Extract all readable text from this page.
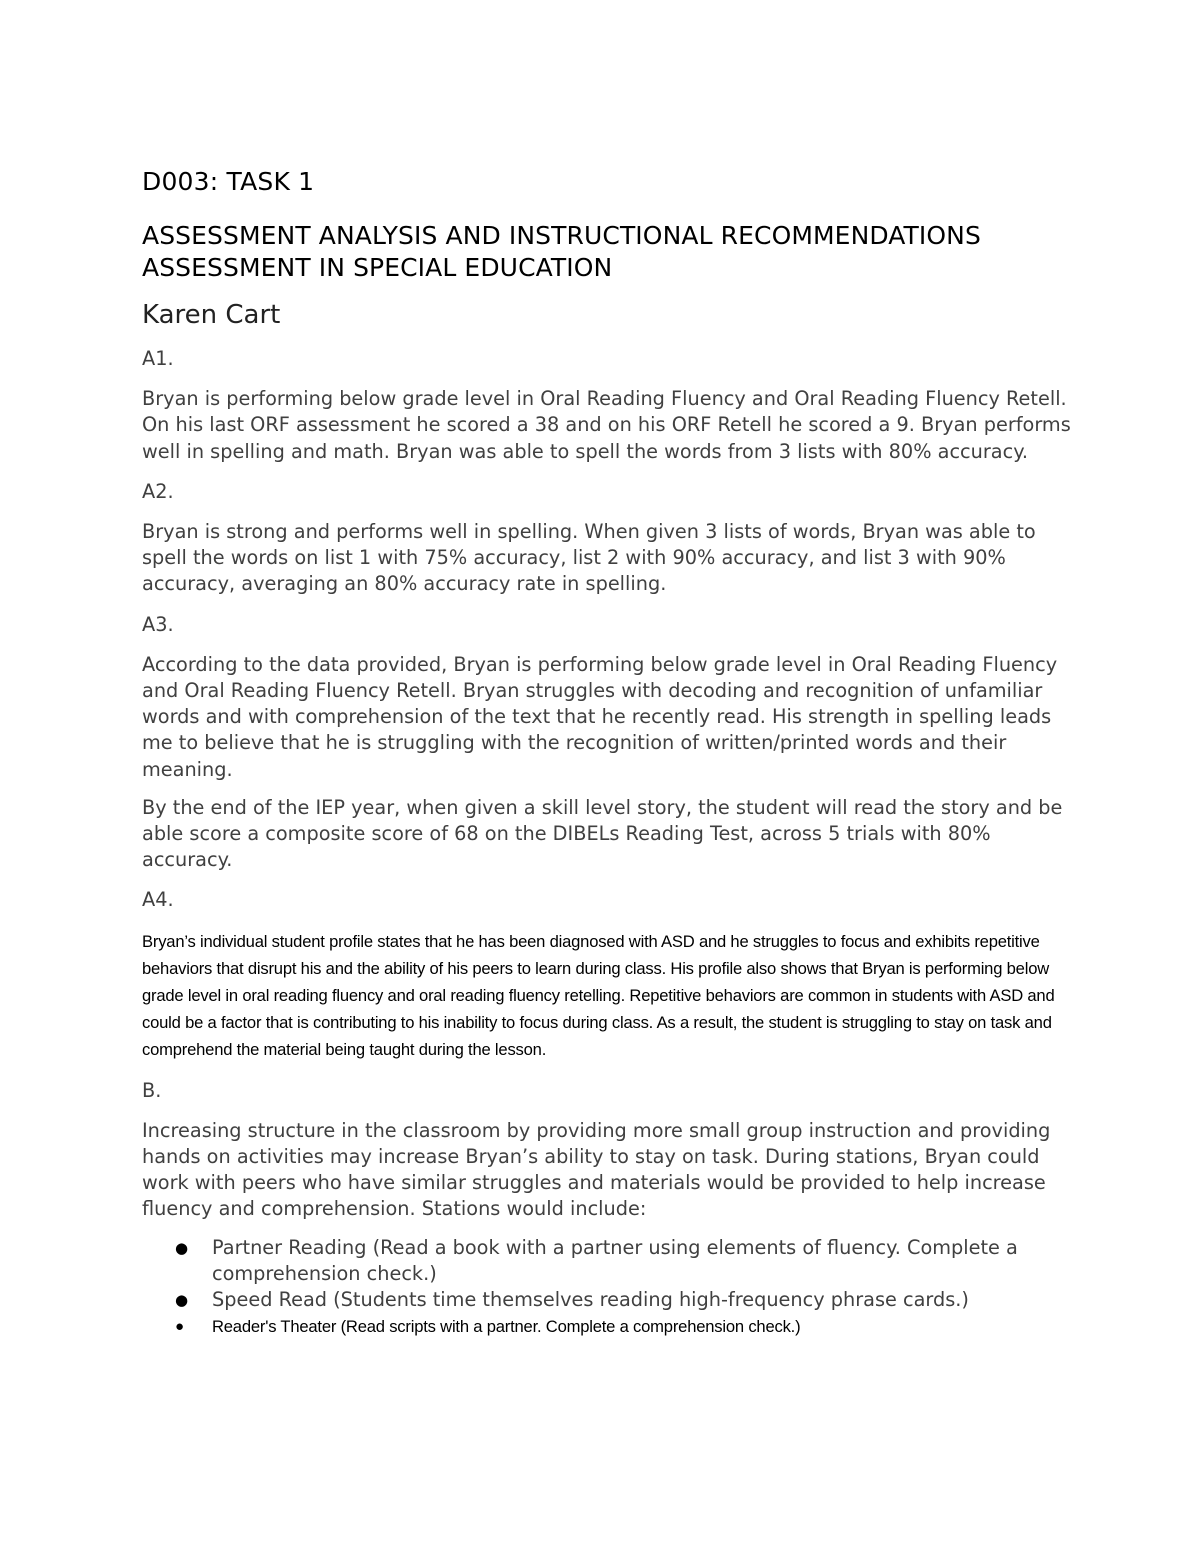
D003: TASK 1
ASSESSMENT ANALYSIS AND INSTRUCTIONAL RECOMMENDATIONS
ASSESSMENT IN SPECIAL EDUCATION
Karen Cart

A1.

Bryan is performing below grade level in Oral Reading Fluency and Oral Reading Fluency Retell. On his last ORF assessment he scored a 38 and on his ORF Retell he scored a 9. Bryan performs well in spelling and math. Bryan was able to spell the words from 3 lists with 80% accuracy.

A2.

Bryan is strong and performs well in spelling. When given 3 lists of words, Bryan was able to spell the words on list 1 with 75% accuracy, list 2 with 90% accuracy, and list 3 with 90% accuracy, averaging an 80% accuracy rate in spelling.

A3.

According to the data provided, Bryan is performing below grade level in Oral Reading Fluency and Oral Reading Fluency Retell. Bryan struggles with decoding and recognition of unfamiliar words and with comprehension of the text that he recently read. His strength in spelling leads me to believe that he is struggling with the recognition of written/printed words and their meaning.

By the end of the IEP year, when given a skill level story, the student will read the story and be able score a composite score of 68 on the DIBELs Reading Test, across 5 trials with 80% accuracy.

A4.

Bryan’s individual student profile states that he has been diagnosed with ASD and he struggles to focus and exhibits repetitive behaviors that disrupt his and the ability of his peers to learn during class. His profile also shows that Bryan is performing below grade level in oral reading fluency and oral reading fluency retelling. Repetitive behaviors are common in students with ASD and could be a factor that is contributing to his inability to focus during class. As a result, the student is struggling to stay on task and comprehend the material being taught during the lesson.

B.

Increasing structure in the classroom by providing more small group instruction and providing hands on activities may increase Bryan’s ability to stay on task. During stations, Bryan could work with peers who have similar struggles and materials would be provided to help increase fluency and comprehension. Stations would include:

● Partner Reading (Read a book with a partner using elements of fluency. Complete a comprehension check.)
● Speed Read (Students time themselves reading high-frequency phrase cards.)
● Reader's Theater (Read scripts with a partner. Complete a comprehension check.)
